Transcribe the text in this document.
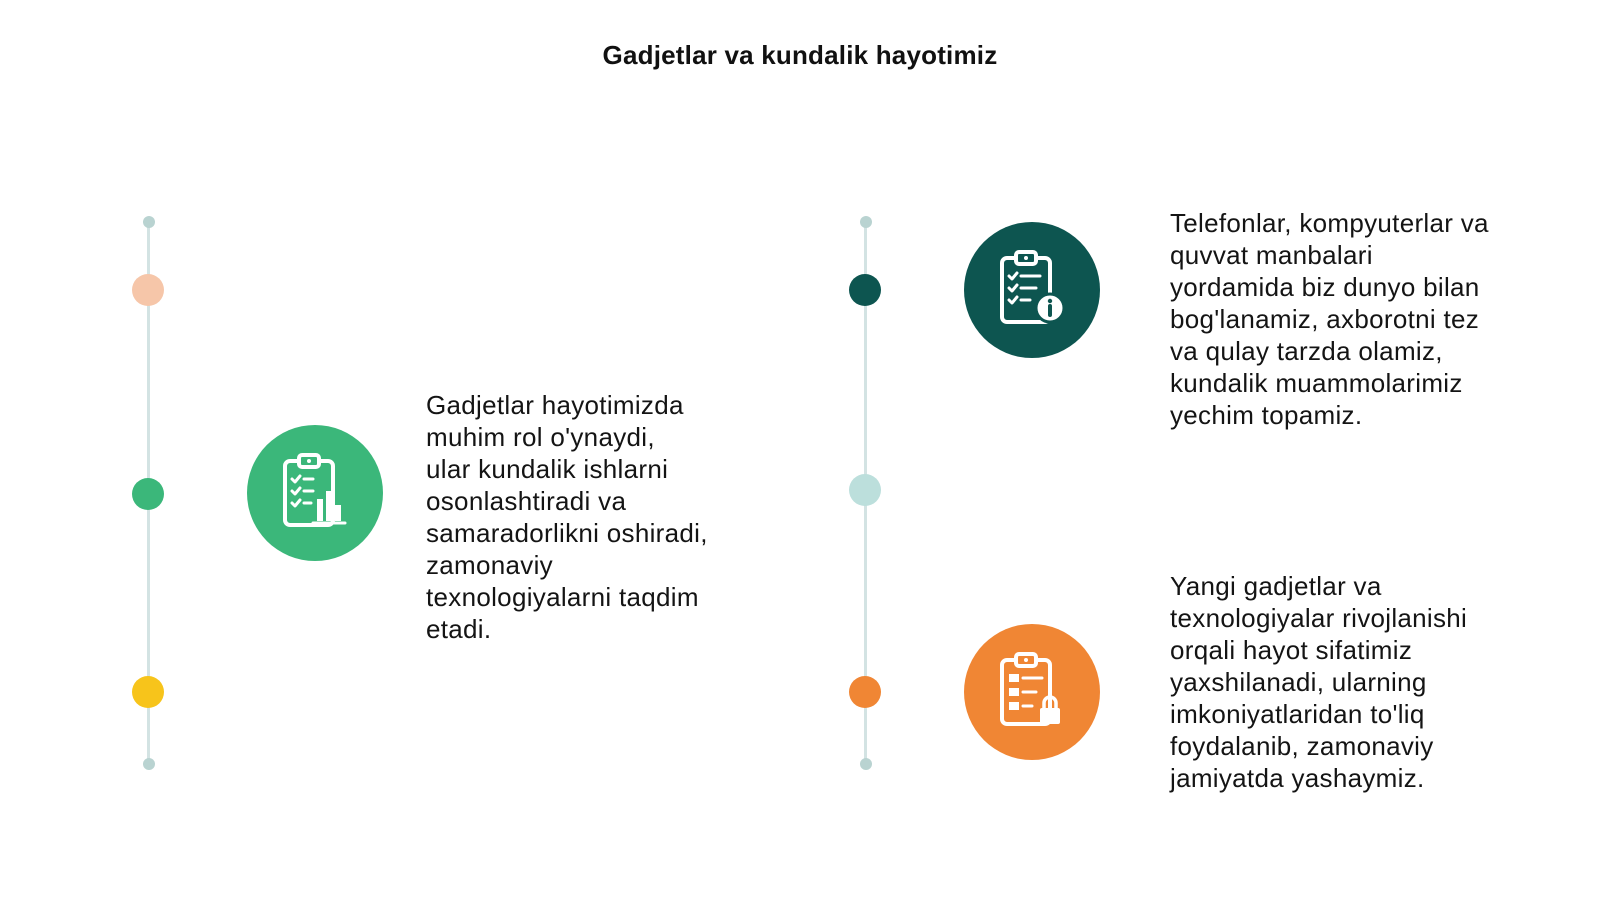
Gadjetlar va kundalik hayotimiz
Gadjetlar hayotimizda
muhim rol o'ynaydi,
ular kundalik ishlarni
osonlashtiradi va
samaradorlikni oshiradi,
zamonaviy
texnologiyalarni taqdim
etadi.
Telefonlar, kompyuterlar va
quvvat manbalari
yordamida biz dunyo bilan
bog'lanamiz, axborotni tez
va qulay tarzda olamiz,
kundalik muammolarimiz
yechim topamiz.
Yangi gadjetlar va
texnologiyalar rivojlanishi
orqali hayot sifatimiz
yaxshilanadi, ularning
imkoniyatlaridan to'liq
foydalanib, zamonaviy
jamiyatda yashaymiz.
